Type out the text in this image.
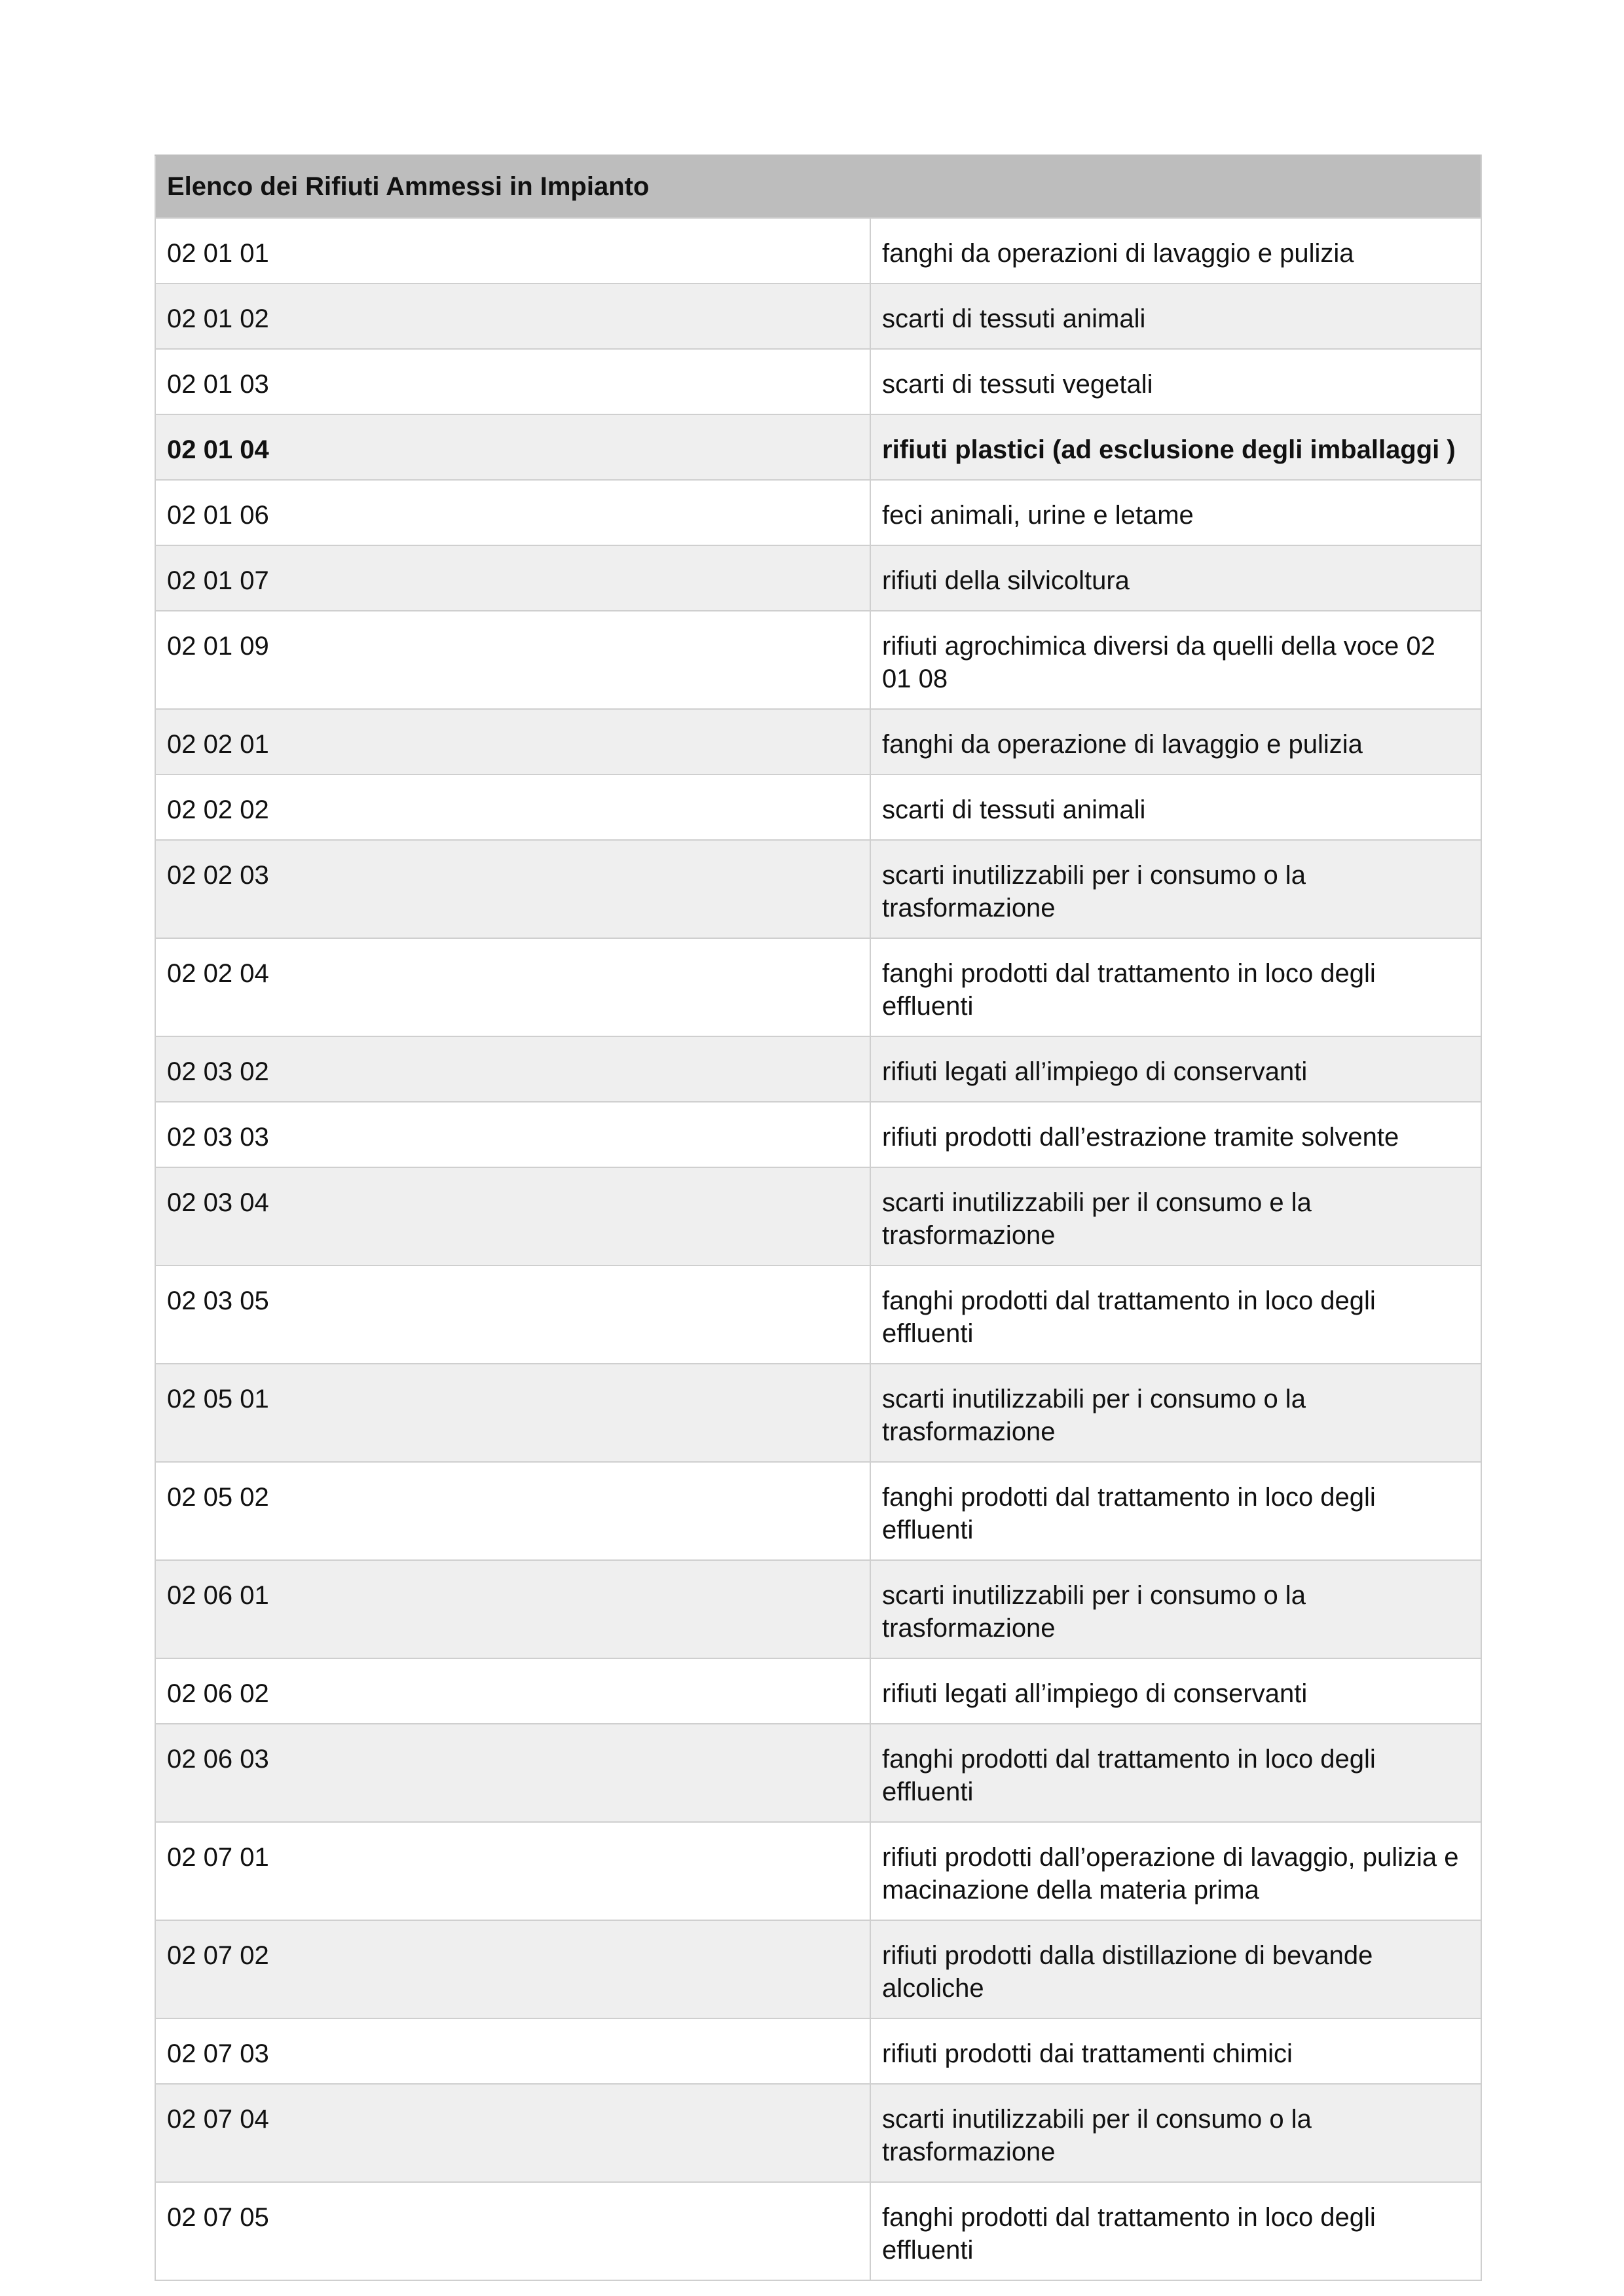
Elenco dei Rifiuti Ammessi in Impianto	
02 01 01	fanghi da operazioni di lavaggio e pulizia
02 01 02	scarti di tessuti animali
02 01 03	scarti di tessuti vegetali
02 01 04	rifiuti plastici (ad esclusione degli imballaggi )
02 01 06	feci animali, urine e letame
02 01 07	rifiuti della silvicoltura
02 01 09	rifiuti agrochimica diversi da quelli della voce 02 01 08
02 02 01	fanghi da operazione di lavaggio e pulizia
02 02 02	scarti di tessuti animali
02 02 03	scarti inutilizzabili per i consumo o la trasformazione
02 02 04	fanghi prodotti dal trattamento in loco degli effluenti
02 03 02	rifiuti legati all’impiego di conservanti
02 03 03	rifiuti prodotti dall’estrazione tramite solvente
02 03 04	scarti inutilizzabili per il consumo e la trasformazione
02 03 05	fanghi prodotti dal trattamento in loco degli effluenti
02 05 01	scarti inutilizzabili per i consumo o la trasformazione
02 05 02	fanghi prodotti dal trattamento in loco degli effluenti
02 06 01	scarti inutilizzabili per i consumo o la trasformazione
02 06 02	rifiuti legati all’impiego di conservanti
02 06 03	fanghi prodotti dal trattamento in loco degli effluenti
02 07 01	rifiuti prodotti dall’operazione di lavaggio, pulizia e macinazione della materia prima
02 07 02	rifiuti prodotti dalla distillazione di bevande alcoliche
02 07 03	rifiuti prodotti dai trattamenti chimici
02 07 04	scarti inutilizzabili per il consumo o la trasformazione
02 07 05	fanghi prodotti dal trattamento in loco degli effluenti
